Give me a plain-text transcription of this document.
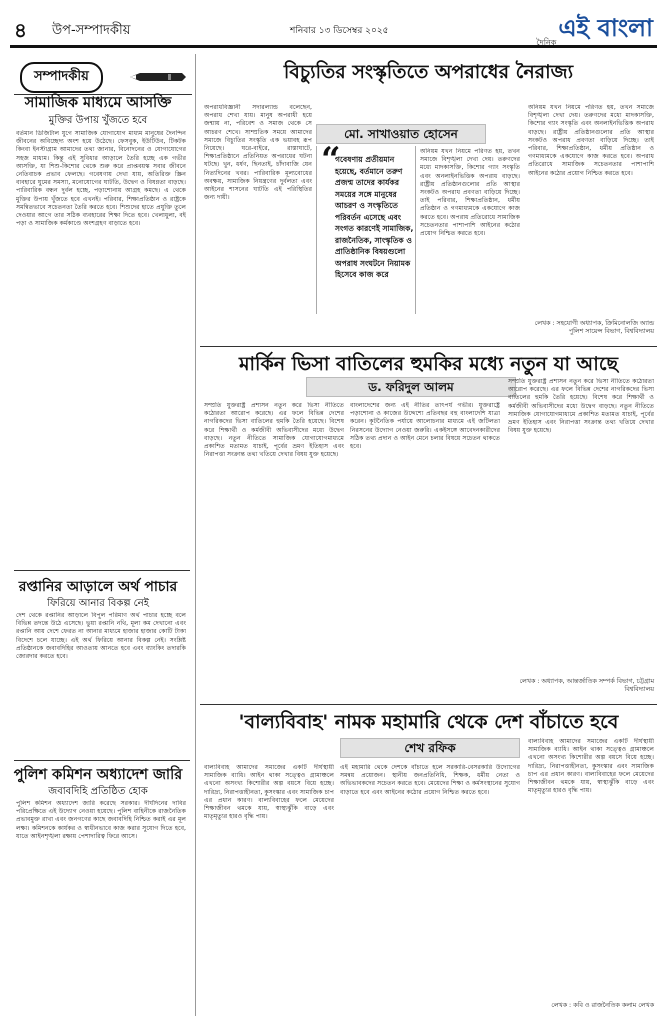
৪ উপ-সম্পাদকীয়	শনিবার ১৩ ডিসেম্বর ২০২৫
দৈনিক
এই বাংলা
সম্পাদকীয়
সামাজিক মাধ্যমে আসক্তি
মুক্তির উপায় খুঁজতে হবে

বর্তমান ডিজিটাল যুগে সামাজিক যোগাযোগ মাধ্যম মানুষের দৈনন্দিন জীবনের অবিচ্ছেদ্য অংশ হয়ে উঠেছে। ফেসবুক, ইউটিউব, টিকটক কিংবা ইনস্টাগ্রাম আমাদের তথ্য জানার, বিনোদনের ও যোগাযোগের সহজ মাধ্যম। কিন্তু এই সুবিধার আড়ালে তৈরি হচ্ছে এক গভীর আসক্তি, যা শিশু-কিশোর থেকে শুরু করে প্রাপ্তবয়স্ক সবার জীবনে নেতিবাচক প্রভাব ফেলছে। গবেষণায় দেখা যায়, অতিরিক্ত স্ক্রিন ব্যবহারে ঘুমের সমস্যা, মনোযোগের ঘাটতি, উদ্বেগ ও বিষণ্ণতা বাড়ছে। পারিবারিক বন্ধন দুর্বল হচ্ছে, পড়াশোনায় আগ্রহ কমছে। এ থেকে মুক্তির উপায় খুঁজতে হবে এখনই। পরিবার, শিক্ষাপ্রতিষ্ঠান ও রাষ্ট্রকে সমন্বিতভাবে সচেতনতা তৈরি করতে হবে। শিশুদের হাতে প্রযুক্তি তুলে দেওয়ার আগে তার সঠিক ব্যবহারের শিক্ষা দিতে হবে। খেলাধুলা, বই পড়া ও সামাজিক কর্মকাণ্ডে অংশগ্রহণ বাড়াতে হবে।

রপ্তানির আড়ালে অর্থ পাচার
ফিরিয়ে আনার বিকল্প নেই

দেশ থেকে রপ্তানির আড়ালে বিপুল পরিমাণ অর্থ পাচার হচ্ছে বলে বিভিন্ন তদন্তে উঠে এসেছে। ভুয়া রপ্তানি নথি, মূল্য কম দেখানো এবং রপ্তানি আয় দেশে ফেরত না আনার মাধ্যমে হাজার হাজার কোটি টাকা বিদেশে চলে যাচ্ছে। এই অর্থ ফিরিয়ে আনার বিকল্প নেই। সংশ্লিষ্ট প্রতিষ্ঠানকে জবাবদিহির আওতায় আনতে হবে এবং ব্যাংকিং তদারকি জোরদার করতে হবে।

পুলিশ কমিশন অধ্যাদেশ জারি
জবাবদিহি প্রতিষ্ঠিত হোক

পুলিশ কমিশন অধ্যাদেশ জারি করেছে সরকার। দীর্ঘদিনের দাবির পরিপ্রেক্ষিতে এই উদ্যোগ নেওয়া হয়েছে। পুলিশ বাহিনীকে রাজনৈতিক প্রভাবমুক্ত রাখা এবং জনগণের কাছে জবাবদিহি নিশ্চিত করাই এর মূল লক্ষ্য। কমিশনকে কার্যকর ও স্বাধীনভাবে কাজ করার সুযোগ দিতে হবে, যাতে আইনশৃঙ্খলা রক্ষায় পেশাদারিত্ব ফিরে আসে।

বিচ্যুতির সংস্কৃতিতে অপরাধের নৈরাজ্য
মো. সাখাওয়াত হোসেন

অপরাধবিজ্ঞানী সদারল্যান্ড বলেছেন, অপরাধ শেখা যায়। মানুষ অপরাধী হয়ে জন্মায় না, পরিবেশ ও সমাজ থেকে সে আচরণ শেখে। সাম্প্রতিক সময়ে আমাদের সমাজে বিচ্যুতির সংস্কৃতি এক ভয়াবহ রূপ নিয়েছে। ঘরে-বাইরে, রাস্তাঘাটে, শিক্ষাপ্রতিষ্ঠানে প্রতিনিয়ত অপরাধের ঘটনা ঘটছে। খুন, ধর্ষণ, ছিনতাই, চাঁদাবাজি যেন নিত্যদিনের খবর। পারিবারিক মূল্যবোধের অবক্ষয়, সামাজিক নিয়ন্ত্রণের দুর্বলতা এবং আইনের শাসনের ঘাটতি এই পরিস্থিতির জন্য দায়ী।

“
গবেষণায় প্রতীয়মান হয়েছে, বর্তমানে তরুণ প্রজন্ম তাদের কার্যকর সময়ের সঙ্গে মানুষের আচরণ ও সংস্কৃতিতে পরিবর্তন এসেছে এবং সংগত কারণেই সামাজিক, রাজনৈতিক, সাংস্কৃতিক ও প্রাতিষ্ঠানিক বিষয়গুলো অপরাধ সংঘটনে নিয়ামক হিসেবে কাজ করে

অনিয়ম যখন নিয়মে পরিণত হয়, তখন সমাজে বিশৃঙ্খলা দেখা দেয়। তরুণদের মধ্যে মাদকাসক্তি, কিশোর গ্যাং সংস্কৃতি এবং অনলাইনভিত্তিক অপরাধ বাড়ছে। রাষ্ট্রীয় প্রতিষ্ঠানগুলোর প্রতি আস্থার সংকটও অপরাধ প্রবণতা বাড়িয়ে দিচ্ছে। তাই পরিবার, শিক্ষাপ্রতিষ্ঠান, ধর্মীয় প্রতিষ্ঠান ও গণমাধ্যমকে একযোগে কাজ করতে হবে। অপরাধ প্রতিরোধে সামাজিক সচেতনতার পাশাপাশি আইনের কঠোর প্রয়োগ নিশ্চিত করতে হবে।

অনিয়ম যখন নিয়মে পরিণত হয়, তখন সমাজে বিশৃঙ্খলা দেখা দেয়। তরুণদের মধ্যে মাদকাসক্তি, কিশোর গ্যাং সংস্কৃতি এবং অনলাইনভিত্তিক অপরাধ বাড়ছে। রাষ্ট্রীয় প্রতিষ্ঠানগুলোর প্রতি আস্থার সংকটও অপরাধ প্রবণতা বাড়িয়ে দিচ্ছে। তাই পরিবার, শিক্ষাপ্রতিষ্ঠান, ধর্মীয় প্রতিষ্ঠান ও গণমাধ্যমকে একযোগে কাজ করতে হবে। অপরাধ প্রতিরোধে সামাজিক সচেতনতার পাশাপাশি আইনের কঠোর প্রয়োগ নিশ্চিত করতে হবে।

লেখক : সহযোগী অধ্যাপক, ক্রিমিনোলজি অ্যান্ড পুলিশ সায়েন্স বিভাগ, বিশ্ববিদ্যালয়
মার্কিন ভিসা বাতিলের হুমকির মধ্যে নতুন যা আছে
ড. ফরিদুল আলম

সম্প্রতি যুক্তরাষ্ট্র প্রশাসন নতুন করে ভিসা নীতিতে কঠোরতা আরোপ করেছে। এর ফলে বিভিন্ন দেশের নাগরিকদের ভিসা বাতিলের হুমকি তৈরি হয়েছে। বিশেষ করে শিক্ষার্থী ও কর্মজীবী অভিবাসীদের মধ্যে উদ্বেগ বাড়ছে। নতুন নীতিতে সামাজিক যোগাযোগমাধ্যমে প্রকাশিত মতামত যাচাই, পূর্বের ভ্রমণ ইতিহাস এবং নিরাপত্তা সংক্রান্ত তথ্য খতিয়ে দেখার বিষয় যুক্ত হয়েছে।

বাংলাদেশের জন্য এই নীতির তাৎপর্য গভীর। যুক্তরাষ্ট্রে পড়াশোনা ও কাজের উদ্দেশ্যে প্রতিবছর বহু বাংলাদেশি যাত্রা করেন। কূটনৈতিক পর্যায়ে আলোচনার মাধ্যমে এই জটিলতা নিরসনের উদ্যোগ নেওয়া জরুরি। একইসঙ্গে আবেদনকারীদের সঠিক তথ্য প্রদান ও আইন মেনে চলার বিষয়ে সচেতন থাকতে হবে।

সম্প্রতি যুক্তরাষ্ট্র প্রশাসন নতুন করে ভিসা নীতিতে কঠোরতা আরোপ করেছে। এর ফলে বিভিন্ন দেশের নাগরিকদের ভিসা বাতিলের হুমকি তৈরি হয়েছে। বিশেষ করে শিক্ষার্থী ও কর্মজীবী অভিবাসীদের মধ্যে উদ্বেগ বাড়ছে। নতুন নীতিতে সামাজিক যোগাযোগমাধ্যমে প্রকাশিত মতামত যাচাই, পূর্বের ভ্রমণ ইতিহাস এবং নিরাপত্তা সংক্রান্ত তথ্য খতিয়ে দেখার বিষয় যুক্ত হয়েছে।

লেখক : অধ্যাপক, আন্তর্জাতিক সম্পর্ক বিভাগ, চট্টগ্রাম বিশ্ববিদ্যালয়
'বাল্যবিবাহ' নামক মহামারি থেকে দেশ বাঁচাতে হবে
শেখ রফিক

বাল্যবিবাহ আমাদের সমাজের একটি দীর্ঘস্থায়ী সামাজিক ব্যাধি। আইন থাকা সত্ত্বেও গ্রামাঞ্চলে এখনো অসংখ্য কিশোরীর অল্প বয়সে বিয়ে হচ্ছে। দারিদ্র্য, নিরাপত্তাহীনতা, কুসংস্কার এবং সামাজিক চাপ এর প্রধান কারণ। বাল্যবিবাহের ফলে মেয়েদের শিক্ষাজীবন থমকে যায়, স্বাস্থ্যঝুঁকি বাড়ে এবং মাতৃমৃত্যুর হারও বৃদ্ধি পায়।

এই মহামারি থেকে দেশকে বাঁচাতে হলে সরকারি-বেসরকারি উদ্যোগের সমন্বয় প্রয়োজন। স্থানীয় জনপ্রতিনিধি, শিক্ষক, ধর্মীয় নেতা ও অভিভাবকদের সচেতন করতে হবে। মেয়েদের শিক্ষা ও কর্মসংস্থানের সুযোগ বাড়াতে হবে এবং আইনের কঠোর প্রয়োগ নিশ্চিত করতে হবে।

বাল্যবিবাহ আমাদের সমাজের একটি দীর্ঘস্থায়ী সামাজিক ব্যাধি। আইন থাকা সত্ত্বেও গ্রামাঞ্চলে এখনো অসংখ্য কিশোরীর অল্প বয়সে বিয়ে হচ্ছে। দারিদ্র্য, নিরাপত্তাহীনতা, কুসংস্কার এবং সামাজিক চাপ এর প্রধান কারণ। বাল্যবিবাহের ফলে মেয়েদের শিক্ষাজীবন থমকে যায়, স্বাস্থ্যঝুঁকি বাড়ে এবং মাতৃমৃত্যুর হারও বৃদ্ধি পায়।

লেখক : কবি ও রাজনৈতিক কলাম লেখক
